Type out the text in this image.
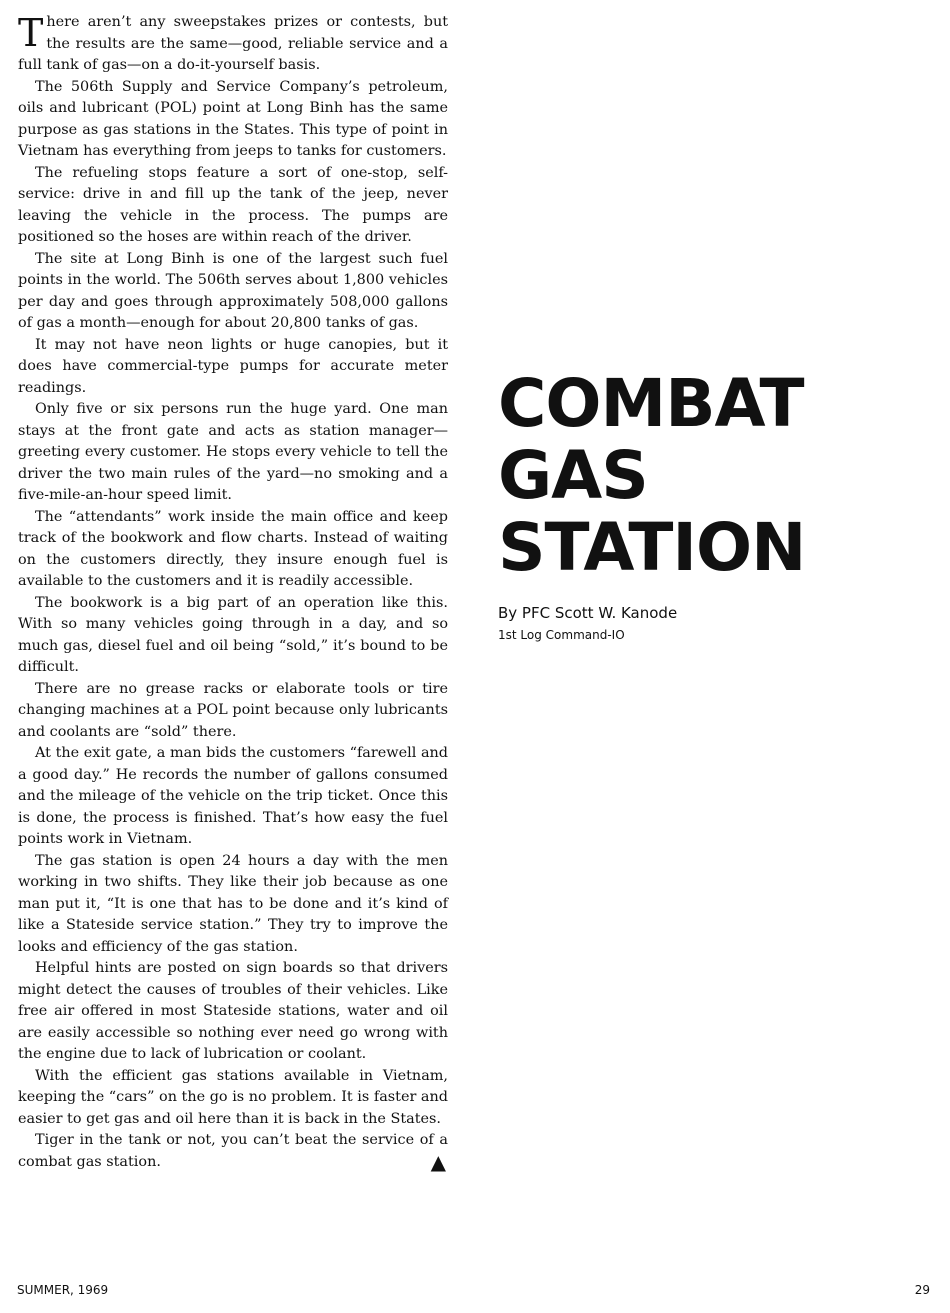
There aren’t any sweepstakes prizes or contests, but the results are the same—good, reliable service and a full tank of gas—on a do-it-yourself basis.

The 506th Supply and Service Company’s petroleum, oils and lubricant (POL) point at Long Binh has the same purpose as gas stations in the States. This type of point in Vietnam has everything from jeeps to tanks for customers.

The refueling stops feature a sort of one-stop, self-service: drive in and fill up the tank of the jeep, never leaving the vehicle in the process. The pumps are positioned so the hoses are within reach of the driver.

The site at Long Binh is one of the largest such fuel points in the world. The 506th serves about 1,800 vehicles per day and goes through approximately 508,000 gallons of gas a month—enough for about 20,800 tanks of gas.

It may not have neon lights or huge canopies, but it does have commercial-type pumps for accurate meter readings.

Only five or six persons run the huge yard. One man stays at the front gate and acts as station manager—greeting every customer. He stops every vehicle to tell the driver the two main rules of the yard—no smoking and a five-mile-an-hour speed limit.

The “attendants” work inside the main office and keep track of the bookwork and flow charts. Instead of waiting on the customers directly, they insure enough fuel is available to the customers and it is readily accessible.

The bookwork is a big part of an operation like this. With so many vehicles going through in a day, and so much gas, diesel fuel and oil being “sold,” it’s bound to be difficult.

There are no grease racks or elaborate tools or tire changing machines at a POL point because only lubricants and coolants are “sold” there.

At the exit gate, a man bids the customers “farewell and a good day.” He records the number of gallons consumed and the mileage of the vehicle on the trip ticket. Once this is done, the process is finished. That’s how easy the fuel points work in Vietnam.

The gas station is open 24 hours a day with the men working in two shifts. They like their job because as one man put it, “It is one that has to be done and it’s kind of like a Stateside service station.” They try to improve the looks and efficiency of the gas station.

Helpful hints are posted on sign boards so that drivers might detect the causes of troubles of their vehicles. Like free air offered in most Stateside stations, water and oil are easily accessible so nothing ever need go wrong with the engine due to lack of lubrication or coolant.

With the efficient gas stations available in Vietnam, keeping the “cars” on the go is no problem. It is faster and easier to get gas and oil here than it is back in the States.

Tiger in the tank or not, you can’t beat the service of a combat gas station.	▲

COMBAT
GAS
STATION
By PFC Scott W. Kanode
1st Log Command-IO
SUMMER, 1969	29
